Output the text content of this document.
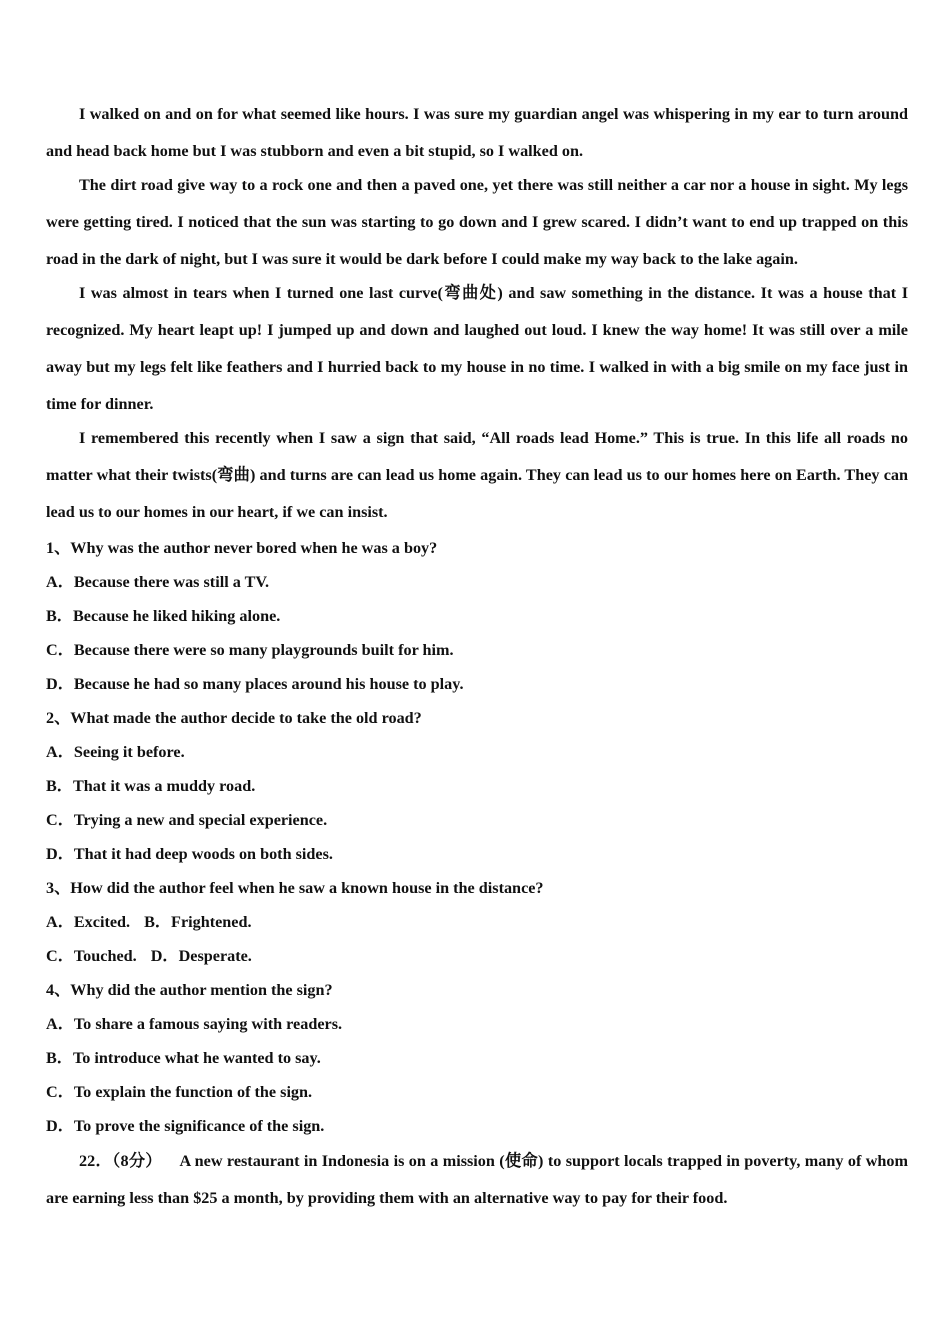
I walked on and on for what seemed like hours. I was sure my guardian angel was whispering in my ear to turn around and head back home but I was stubborn and even a bit stupid, so I walked on.

The dirt road give way to a rock one and then a paved one, yet there was still neither a car nor a house in sight. My legs were getting tired. I noticed that the sun was starting to go down and I grew scared. I didn’t want to end up trapped on this road in the dark of night, but I was sure it would be dark before I could make my way back to the lake again.

I was almost in tears when I turned one last curve(弯曲处) and saw something in the distance. It was a house that I recognized. My heart leapt up! I jumped up and down and laughed out loud. I knew the way home! It was still over a mile away but my legs felt like feathers and I hurried back to my house in no time. I walked in with a big smile on my face just in time for dinner.

I remembered this recently when I saw a sign that said, “All roads lead Home.” This is true. In this life all roads no matter what their twists(弯曲) and turns are can lead us home again. They can lead us to our homes here on Earth. They can lead us to our homes in our heart, if we can insist.

1、Why was the author never bored when he was a boy?

A．Because there was still a TV.

B．Because he liked hiking alone.

C．Because there were so many playgrounds built for him.

D．Because he had so many places around his house to play.

2、What made the author decide to take the old road?

A．Seeing it before.

B．That it was a muddy road.

C．Trying a new and special experience.

D．That it had deep woods on both sides.

3、How did the author feel when he saw a known house in the distance?

A．Excited. B．Frightened.

C．Touched. D．Desperate.

4、Why did the author mention the sign?

A．To share a famous saying with readers.

B．To introduce what he wanted to say.

C．To explain the function of the sign.

D．To prove the significance of the sign.

22．（8分） A new restaurant in Indonesia is on a mission (使命) to support locals trapped in poverty, many of whom are earning less than $25 a month, by providing them with an alternative way to pay for their food.
